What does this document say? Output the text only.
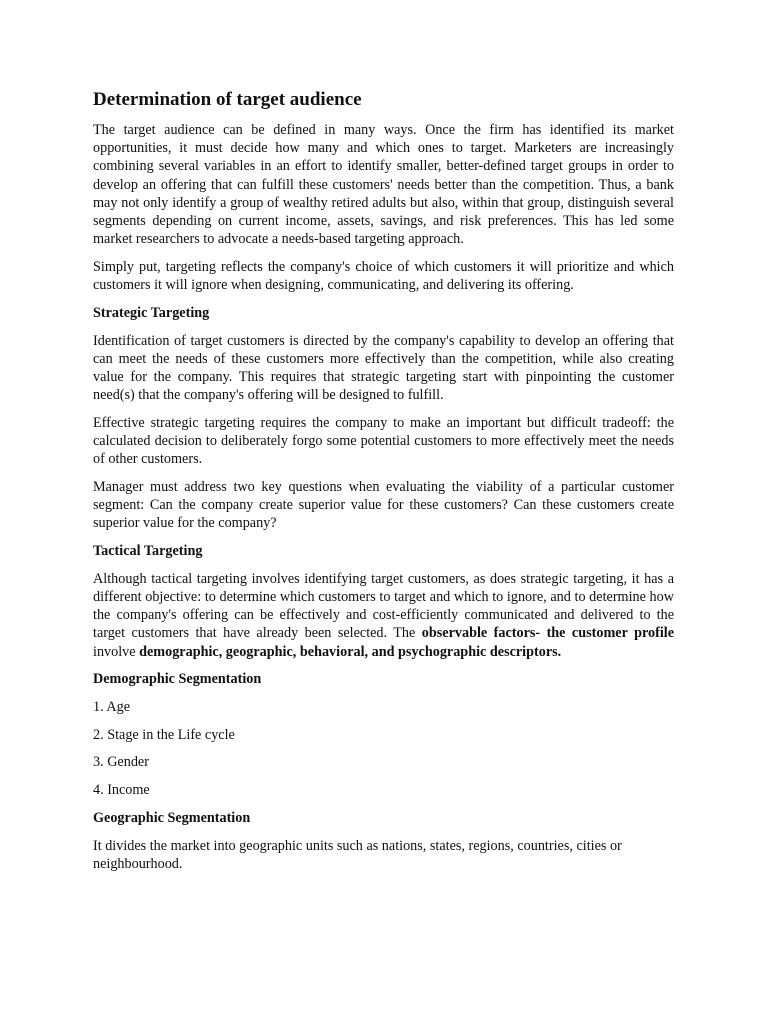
Determination of target audience

The target audience can be defined in many ways. Once the firm has identified its market opportunities, it must decide how many and which ones to target. Marketers are increasingly combining several variables in an effort to identify smaller, better-defined target groups in order to develop an offering that can fulfill these customers' needs better than the competition. Thus, a bank may not only identify a group of wealthy retired adults but also, within that group, distinguish several segments depending on current income, assets, savings, and risk preferences. This has led some market researchers to advocate a needs-based targeting approach.

Simply put, targeting reflects the company's choice of which customers it will prioritize and which customers it will ignore when designing, communicating, and delivering its offering.

Strategic Targeting

Identification of target customers is directed by the company's capability to develop an offering that can meet the needs of these customers more effectively than the competition, while also creating value for the company. This requires that strategic targeting start with pinpointing the customer need(s) that the company's offering will be designed to fulfill.

Effective strategic targeting requires the company to make an important but difficult tradeoff: the calculated decision to deliberately forgo some potential customers to more effectively meet the needs of other customers.

Manager must address two key questions when evaluating the viability of a particular customer segment: Can the company create superior value for these customers? Can these customers create superior value for the company?

Tactical Targeting

Although tactical targeting involves identifying target customers, as does strategic targeting, it has a different objective: to determine which customers to target and which to ignore, and to determine how the company's offering can be effectively and cost-efficiently communicated and delivered to the target customers that have already been selected. The observable factors- the customer profile involve demographic, geographic, behavioral, and psychographic descriptors.

Demographic Segmentation

1. Age

2. Stage in the Life cycle

3. Gender

4. Income

Geographic Segmentation

It divides the market into geographic units such as nations, states, regions, countries, cities or neighbourhood.
